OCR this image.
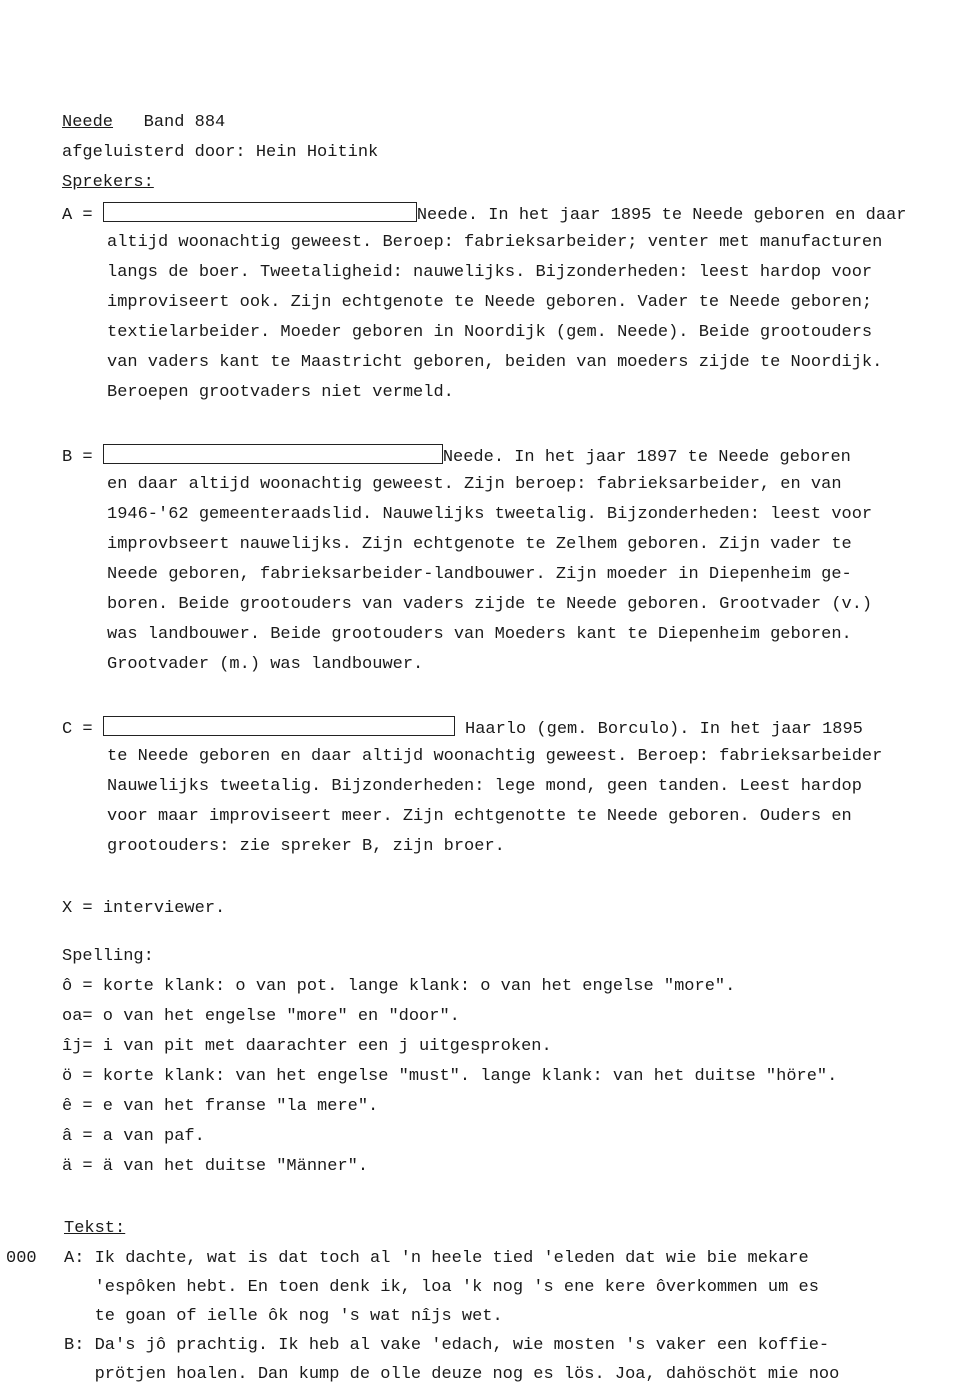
Neede Band 884
afgeluisterd door: Hein Hoitink
Sprekers:
A =	Neede. In het jaar 1895 te Neede geboren en daar
altijd woonachtig geweest. Beroep: fabrieksarbeider; venter met manufacturen
langs de boer. Tweetaligheid: nauwelijks. Bijzonderheden: leest hardop voor
improviseert ook. Zijn echtgenote te Neede geboren. Vader te Neede geboren;
textielarbeider. Moeder geboren in Noordijk (gem. Neede). Beide grootouders
van vaders kant te Maastricht geboren, beiden van moeders zijde te Noordijk.
Beroepen grootvaders niet vermeld.
B =	Neede. In het jaar 1897 te Neede geboren
en daar altijd woonachtig geweest. Zijn beroep: fabrieksarbeider, en van
1946-'62 gemeenteraadslid. Nauwelijks tweetalig. Bijzonderheden: leest voor
improvbseert nauwelijks. Zijn echtgenote te Zelhem geboren. Zijn vader te
Neede geboren, fabrieksarbeider-landbouwer. Zijn moeder in Diepenheim ge-
boren. Beide grootouders van vaders zijde te Neede geboren. Grootvader (v.)
was landbouwer. Beide grootouders van Moeders kant te Diepenheim geboren.
Grootvader (m.) was landbouwer.
C =	Haarlo (gem. Borculo). In het jaar 1895
te Neede geboren en daar altijd woonachtig geweest. Beroep: fabrieksarbeider
Nauwelijks tweetalig. Bijzonderheden: lege mond, geen tanden. Leest hardop
voor maar improviseert meer. Zijn echtgenotte te Neede geboren. Ouders en
grootouders: zie spreker B, zijn broer.
X = interviewer.
Spelling:
ô = korte klank: o van pot. lange klank: o van het engelse "more".
oa= o van het engelse "more" en "door".
îj= i van pit met daarachter een j uitgesproken.
ö = korte klank: van het engelse "must". lange klank: van het duitse "höre".
ȇ = e van het franse "la mere".
â = a van paf.
ä = ä van het duitse "Männer".
Tekst:
000 A: Ik dachte, wat is dat toch al 'n heele tied 'eleden dat wie bie mekare
'espôken hebt. En toen denk ik, loa 'k nog 's ene kere ôverkommen um es
te goan of ielle ôk nog 's wat nîjs wet.
B: Da's jô prachtig. Ik heb al vake 'edach, wie mosten 's vaker een koffie-
prötjen hoalen. Dan kump de olle deuze nog es lös. Joa, dahöschöt mie noo
